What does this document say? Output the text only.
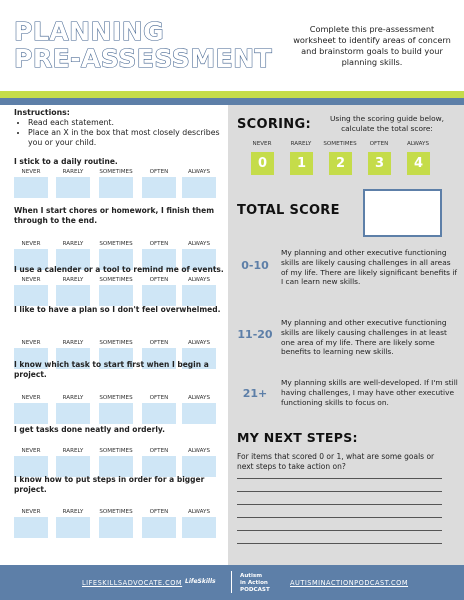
PLANNING
PRE-ASSESSMENT
Complete this pre-assessment worksheet to identify areas of concern and brainstorm goals to build your planning skills.
Instructions:
• Read each statement.
• Place an X in the box that most closely describes you or your child.
I stick to a daily routine.
NEVER	RARELY	SOMETIMES	OFTEN	ALWAYS
When I start chores or homework, I finish them through to the end.
NEVER	RARELY	SOMETIMES	OFTEN	ALWAYS
I use a calender or a tool to remind me of events.
NEVER	RARELY	SOMETIMES	OFTEN	ALWAYS
I like to have a plan so I don't feel overwhelmed.
NEVER	RARELY	SOMETIMES	OFTEN	ALWAYS
I know which task to start first when I begin a project.
NEVER	RARELY	SOMETIMES	OFTEN	ALWAYS
I get tasks done neatly and orderly.
NEVER	RARELY	SOMETIMES	OFTEN	ALWAYS
I know how to put steps in order for a bigger project.
NEVER	RARELY	SOMETIMES	OFTEN	ALWAYS
SCORING:	Using the scoring guide below, calculate the total score:
NEVER
0
RARELY
1
SOMETIMES
2
OFTEN
3
ALWAYS
4
TOTAL SCORE
0-10
My planning and other executive functioning skills are likely causing challenges in all areas of my life. There are likely significant benefits if I can learn new skills.
11-20
My planning and other executive functioning skills are likely causing challenges in at least one area of my life. There are likely some benefits to learning new skills.
21+
My planning skills are well-developed. If I'm still having challenges, I may have other executive functioning skills to focus on.
MY NEXT STEPS:
For items that scored 0 or 1, what are some goals or next steps to take action on?
LIFESKILLSADVOCATE.COM LifeSkills
Autism
in Action
PODCAST
AUTISMINACTIONPODCAST.COM
